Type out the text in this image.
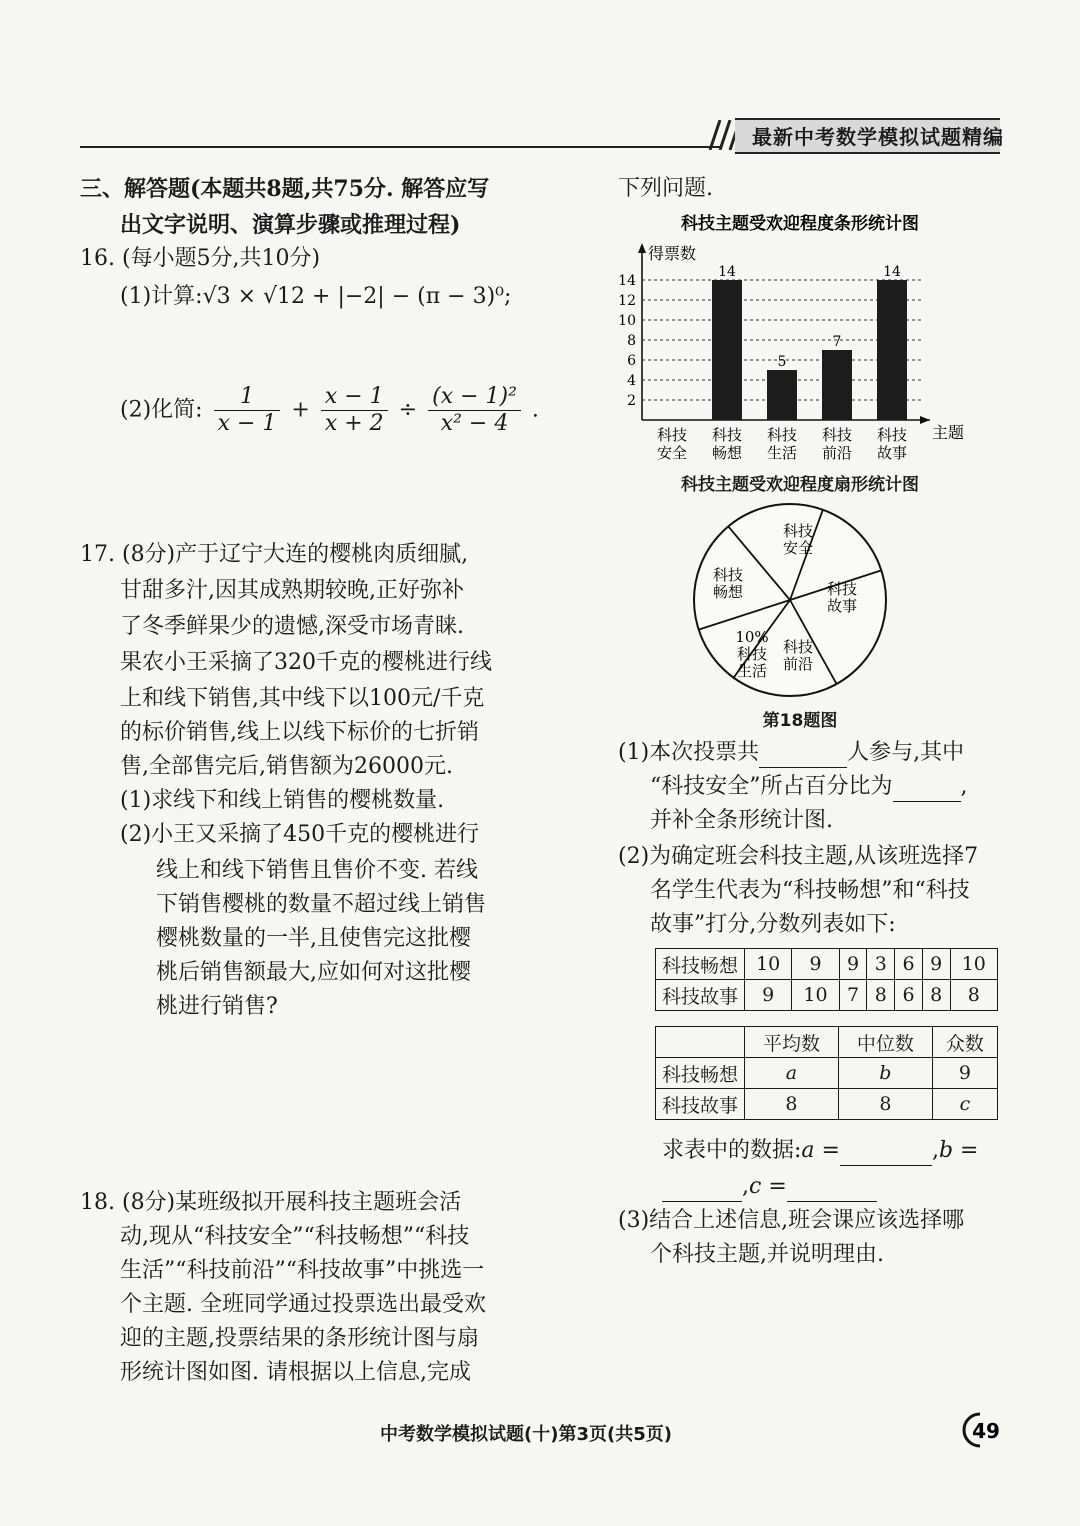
最新中考数学模拟试题精编
三、解答题(本题共8题,共75分. 解答应写
出文字说明、演算步骤或推理过程)
16. (每小题5分,共10分)
(1)计算:√3 × √12 + |−2| − (π − 3)⁰;
(2)化简: $\frac{1}{x - 1} + \frac{x - 1}{x + 2} \div \frac{\text{(x − 1)²}}{\text{x² − 4}}$ .
17. (8分)产于辽宁大连的樱桃肉质细腻,
甘甜多汁,因其成熟期较晚,正好弥补
了冬季鲜果少的遗憾,深受市场青睐.
果农小王采摘了320千克的樱桃进行线
上和线下销售,其中线下以100元/千克
的标价销售,线上以线下标价的七折销
售,全部售完后,销售额为26000元.
(1)求线下和线上销售的樱桃数量.
(2)小王又采摘了450千克的樱桃进行
线上和线下销售且售价不变. 若线
下销售樱桃的数量不超过线上销售
樱桃数量的一半,且使售完这批樱
桃后销售额最大,应如何对这批樱
桃进行销售?
18. (8分)某班级拟开展科技主题班会活
动,现从“科技安全”“科技畅想”“科技
生活”“科技前沿”“科技故事”中挑选一
个主题. 全班同学通过投票选出最受欢
迎的主题,投票结果的条形统计图与扇
形统计图如图. 请根据以上信息,完成
下列问题.
科技主题受欢迎程度条形统计图
得票数
主题
2
4
6
8
10
12
14
科技
安全
14
科技
畅想
5
科技
生活
7
科技
前沿
14
科技
故事
科技主题受欢迎程度扇形统计图
科技
安全
科技
故事
科技
前沿
10%
科技
生活
科技
畅想
第18题图
(1)本次投票共	人参与,其中
“科技安全”所占百分比为	,
并补全条形统计图.
(2)为确定班会科技主题,从该班选择7
名学生代表为“科技畅想”和“科技
故事”打分,分数列表如下:
科技畅想	10	9	9	3	6	9	10
科技故事	9	10	7	8	6	8	8
	平均数	中位数	众数
科技畅想	a	b	9
科技故事	8	8	c
求表中的数据:a =	,b =
,c =
(3)结合上述信息,班会课应该选择哪
个科技主题,并说明理由.
中考数学模拟试题(十)第3页(共5页)	49
